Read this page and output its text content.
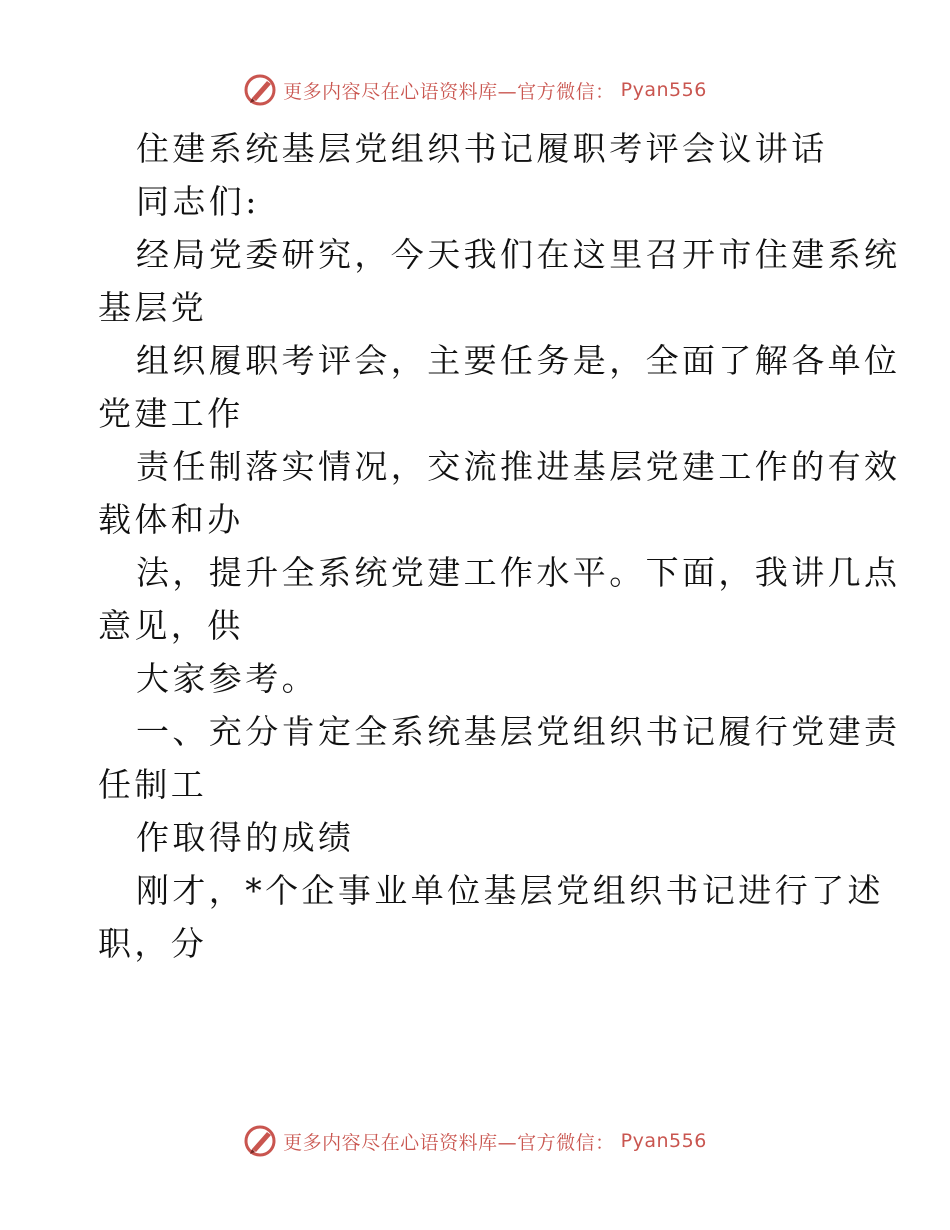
更多内容尽在心语资料库—官方微信： Pyan556
住建系统基层党组织书记履职考评会议讲话
同志们:
经局党委研究，今天我们在这里召开市住建系统
基层党
组织履职考评会，主要任务是，全面了解各单位
党建工作
责任制落实情况，交流推进基层党建工作的有效
载体和办
法，提升全系统党建工作水平。下面，我讲几点
意见，供
大家参考。
一、充分肯定全系统基层党组织书记履行党建责
任制工
作取得的成绩
刚才，*个企事业单位基层党组织书记进行了述
职，分
更多内容尽在心语资料库—官方微信： Pyan556
